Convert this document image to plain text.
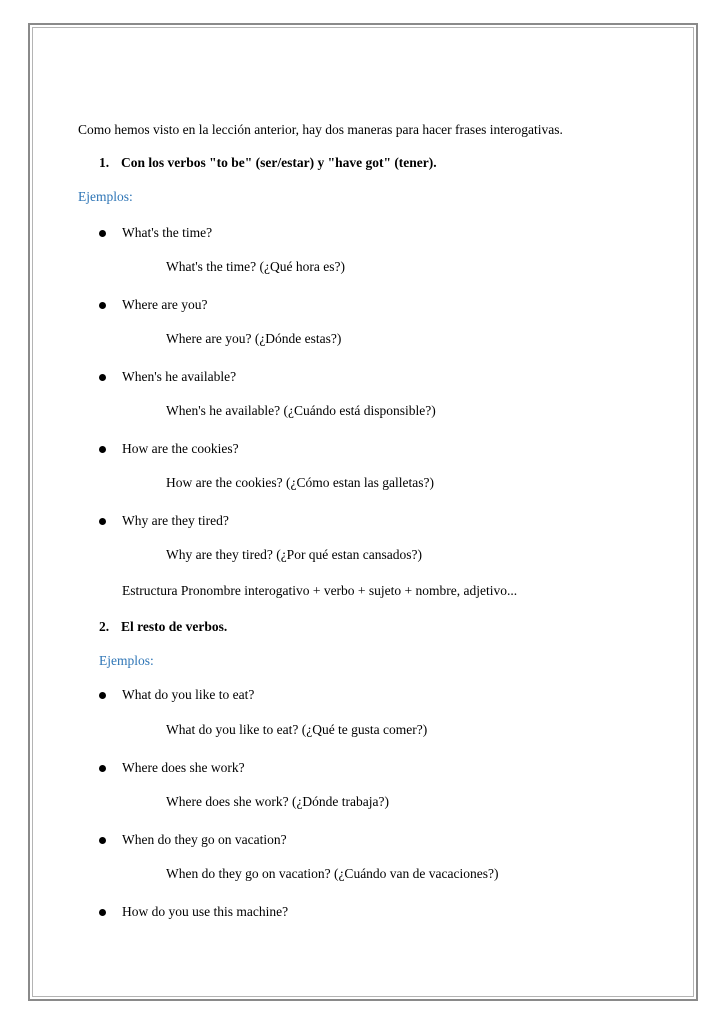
Como hemos visto en la lección anterior, hay dos maneras para hacer frases interogativas.
1. Con los verbos "to be" (ser/estar) y "have got" (tener).
Ejemplos:
What's the time?
What's the time? (¿Qué hora es?)
Where are you?
Where are you? (¿Dónde estas?)
When's he available?
When's he available? (¿Cuándo está disponsible?)
How are the cookies?
How are the cookies? (¿Cómo estan las galletas?)
Why are they tired?
Why are they tired? (¿Por qué estan cansados?)
Estructura Pronombre interogativo + verbo + sujeto + nombre, adjetivo...
2. El resto de verbos.
Ejemplos:
What do you like to eat?
What do you like to eat? (¿Qué te gusta comer?)
Where does she work?
Where does she work? (¿Dónde trabaja?)
When do they go on vacation?
When do they go on vacation? (¿Cuándo van de vacaciones?)
How do you use this machine?
